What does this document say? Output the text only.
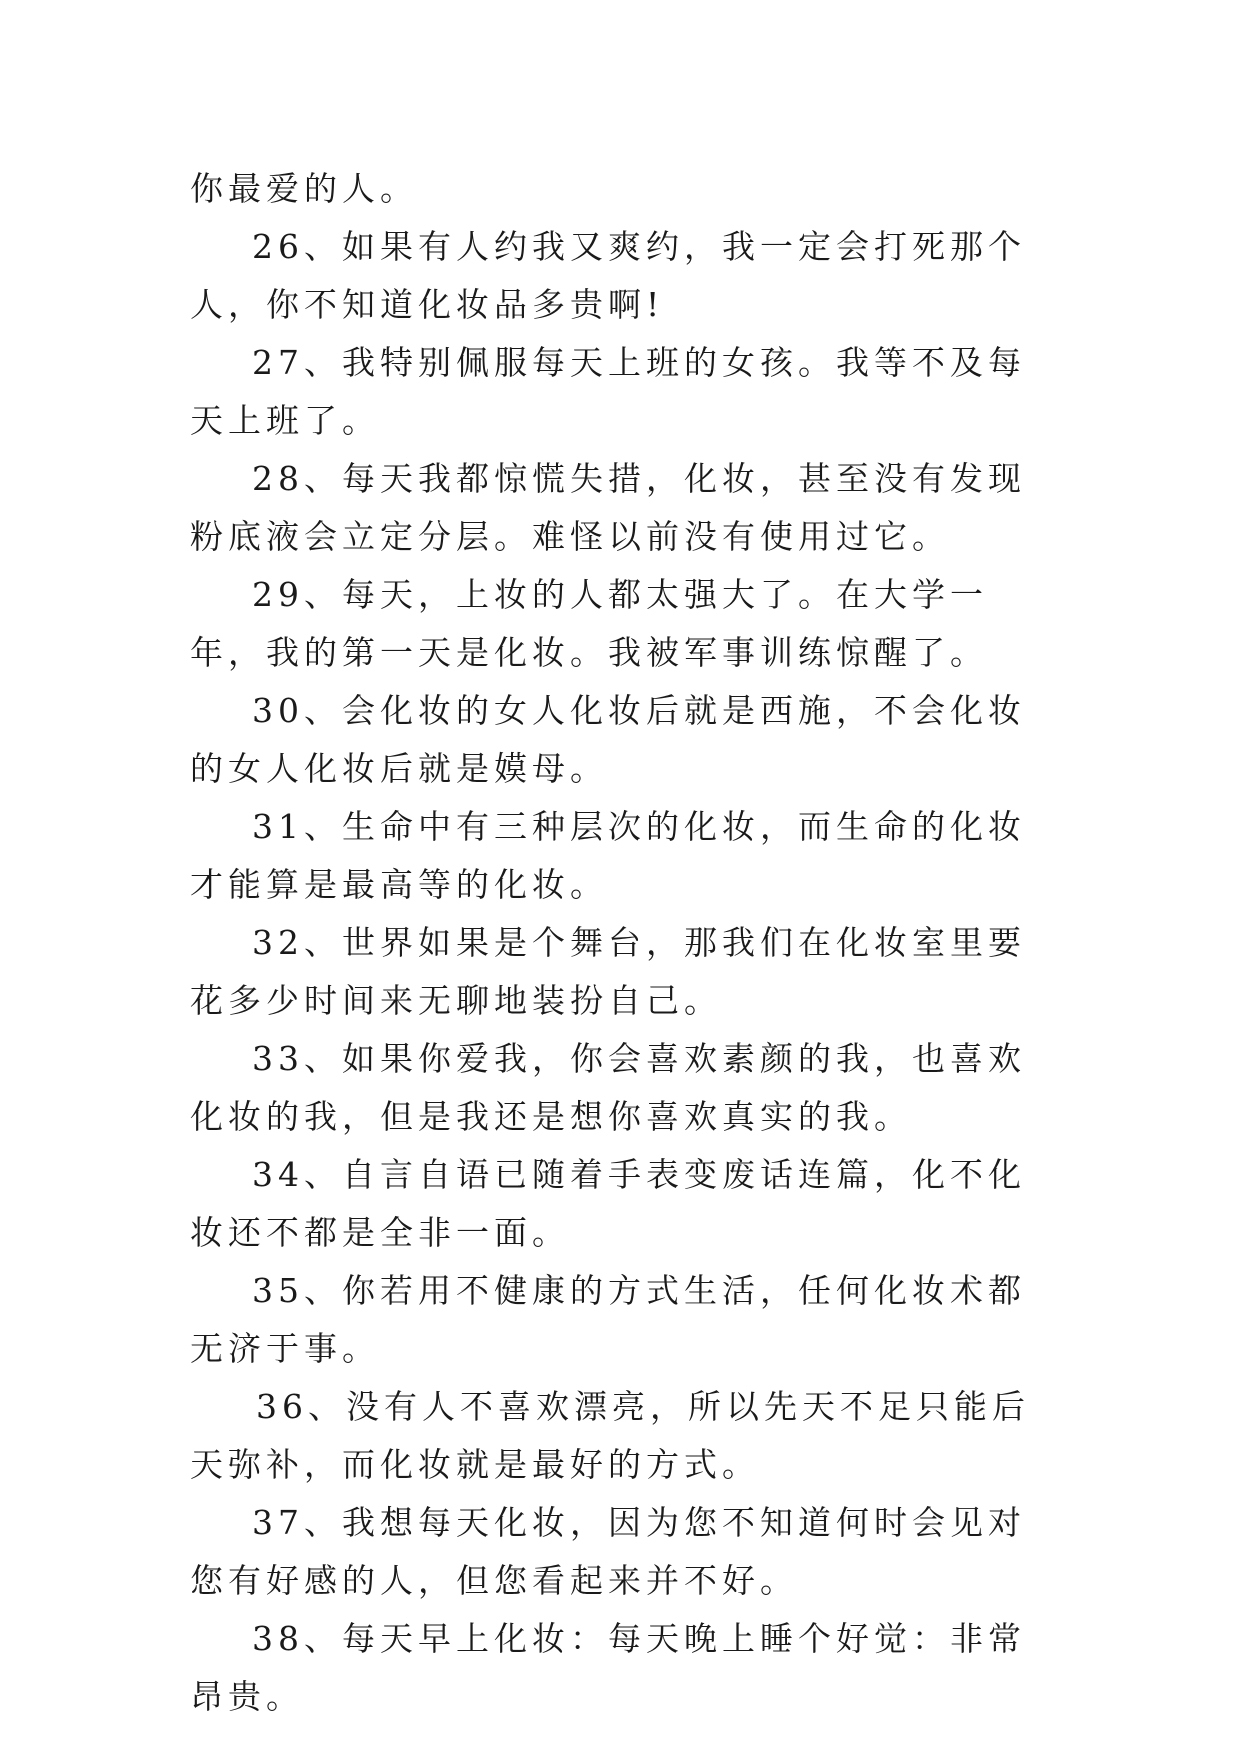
你最爱的人。

26、如果有人约我又爽约，我一定会打死那个人，你不知道化妆品多贵啊!

27、我特别佩服每天上班的女孩。我等不及每天上班了。

28、每天我都惊慌失措，化妆，甚至没有发现粉底液会立定分层。难怪以前没有使用过它。

29、每天，上妆的人都太强大了。在大学一年，我的第一天是化妆。我被军事训练惊醒了。

30、会化妆的女人化妆后就是西施，不会化妆的女人化妆后就是嫫母。

31、生命中有三种层次的化妆，而生命的化妆才能算是最高等的化妆。

32、世界如果是个舞台，那我们在化妆室里要花多少时间来无聊地装扮自己。

33、如果你爱我，你会喜欢素颜的我，也喜欢化妆的我，但是我还是想你喜欢真实的我。

34、自言自语已随着手表变废话连篇，化不化妆还不都是全非一面。

35、你若用不健康的方式生活，任何化妆术都无济于事。

36、没有人不喜欢漂亮，所以先天不足只能后天弥补，而化妆就是最好的方式。

37、我想每天化妆，因为您不知道何时会见对您有好感的人，但您看起来并不好。

38、每天早上化妆：每天晚上睡个好觉：非常昂贵。
